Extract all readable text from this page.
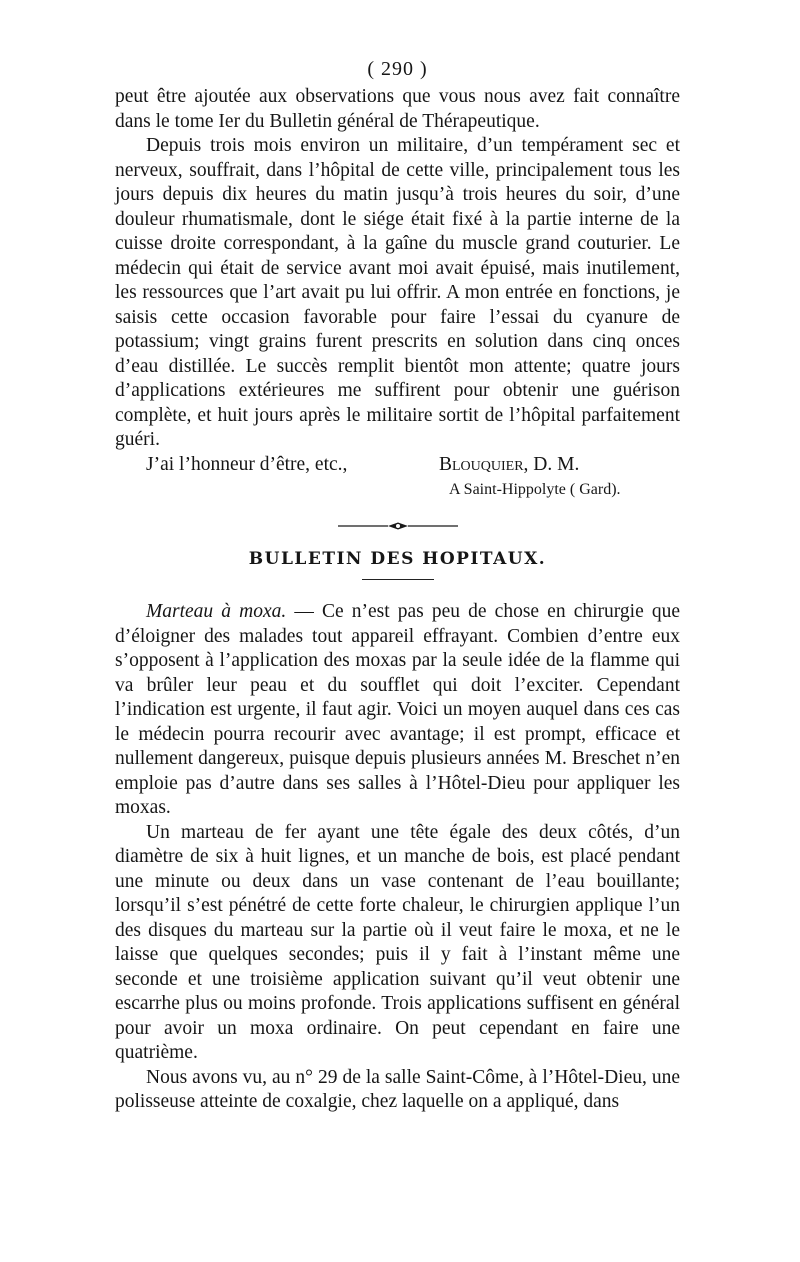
( 290 )

peut être ajoutée aux observations que vous nous avez fait connaître dans le tome Ier du Bulletin général de Thérapeutique.

Depuis trois mois environ un militaire, d’un tempérament sec et nerveux, souffrait, dans l’hôpital de cette ville, principalement tous les jours depuis dix heures du matin jusqu’à trois heures du soir, d’une douleur rhumatismale, dont le siége était fixé à la partie interne de la cuisse droite correspondant, à la gaîne du muscle grand couturier. Le médecin qui était de service avant moi avait épuisé, mais inutilement, les ressources que l’art avait pu lui offrir. A mon entrée en fonctions, je saisis cette occasion favorable pour faire l’essai du cyanure de potassium; vingt grains furent prescrits en solution dans cinq onces d’eau distillée. Le succès remplit bientôt mon attente; quatre jours d’applications extérieures me suffirent pour obtenir une guérison complète, et huit jours après le militaire sortit de l’hôpital parfaitement guéri.

J’ai l’honneur d’être, etc.,	Blouquier, D. M.
A Saint-Hippolyte ( Gard).
BULLETIN DES HOPITAUX.

Marteau à moxa. — Ce n’est pas peu de chose en chirurgie que d’éloigner des malades tout appareil effrayant. Combien d’entre eux s’opposent à l’application des moxas par la seule idée de la flamme qui va brûler leur peau et du soufflet qui doit l’exciter. Cependant l’indication est urgente, il faut agir. Voici un moyen auquel dans ces cas le médecin pourra recourir avec avantage; il est prompt, efficace et nullement dangereux, puisque depuis plusieurs années M. Breschet n’en emploie pas d’autre dans ses salles à l’Hôtel-Dieu pour appliquer les moxas.

Un marteau de fer ayant une tête égale des deux côtés, d’un diamètre de six à huit lignes, et un manche de bois, est placé pendant une minute ou deux dans un vase contenant de l’eau bouillante; lorsqu’il s’est pénétré de cette forte chaleur, le chirurgien applique l’un des disques du marteau sur la partie où il veut faire le moxa, et ne le laisse que quelques secondes; puis il y fait à l’instant même une seconde et une troisième application suivant qu’il veut obtenir une escarrhe plus ou moins profonde. Trois applications suffisent en général pour avoir un moxa ordinaire. On peut cependant en faire une quatrième.

Nous avons vu, au n° 29 de la salle Saint-Côme, à l’Hôtel-Dieu, une polisseuse atteinte de coxalgie, chez laquelle on a appliqué, dans
